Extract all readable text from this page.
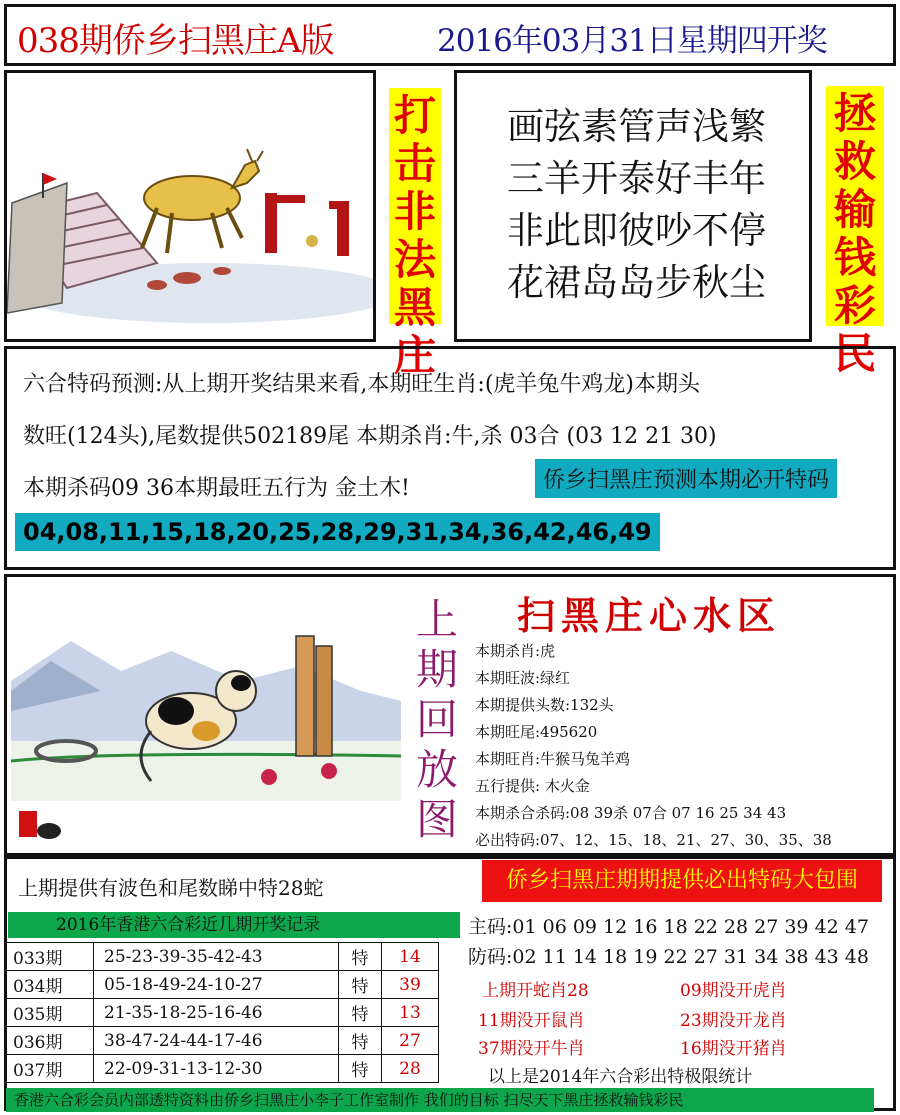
038期侨乡扫黑庄A版	2016年03月31日星期四开奖
打
击
非
法
黑
庄
画弦素管声浅繁
三羊开泰好丰年
非此即彼吵不停
花裙岛岛步秋尘
拯
救
输
钱
彩
民
六合特码预测:从上期开奖结果来看,本期旺生肖:(虎羊兔牛鸡龙)本期头
数旺(124头),尾数提供502189尾 本期杀肖:牛,杀 03合 (03 12 21 30)
本期杀码09 36本期最旺五行为 金土木!	侨乡扫黑庄预测本期必开特码
04,08,11,15,18,20,25,28,29,31,34,36,42,46,49
上
期
回
放
图
扫黑庄心水区
本期杀肖:虎
本期旺波:绿红
本期提供头数:132头
本期旺尾:495620
本期旺肖:牛猴马兔羊鸡
五行提供: 木火金
本期杀合杀码:08 39杀 07合 07 16 25 34 43
必出特码:07、12、15、18、21、27、30、35、38
上期提供有波色和尾数睇中特28蛇	侨乡扫黑庄期期提供必出特码大包围
2016年香港六合彩近几期开奖记录	主码:01 06 09 12 16 18 22 28 27 39 42 47
防码:02 11 14 18 19 22 27 31 34 38 43 48
033期	25-23-39-35-42-43	特	14
034期	05-18-49-24-10-27	特	39
035期	21-35-18-25-16-46	特	13
036期	38-47-24-44-17-46	特	27
037期	22-09-31-13-12-30	特	28
上期开蛇肖28	09期没开虎肖
11期没开鼠肖	23期没开龙肖
37期没开牛肖	16期没开猪肖
以上是2014年六合彩出特极限统计
香港六合彩会员内部透特资料由侨乡扫黑庄小李子工作室制作 我们的目标 扫尽天下黑庄拯救输钱彩民
